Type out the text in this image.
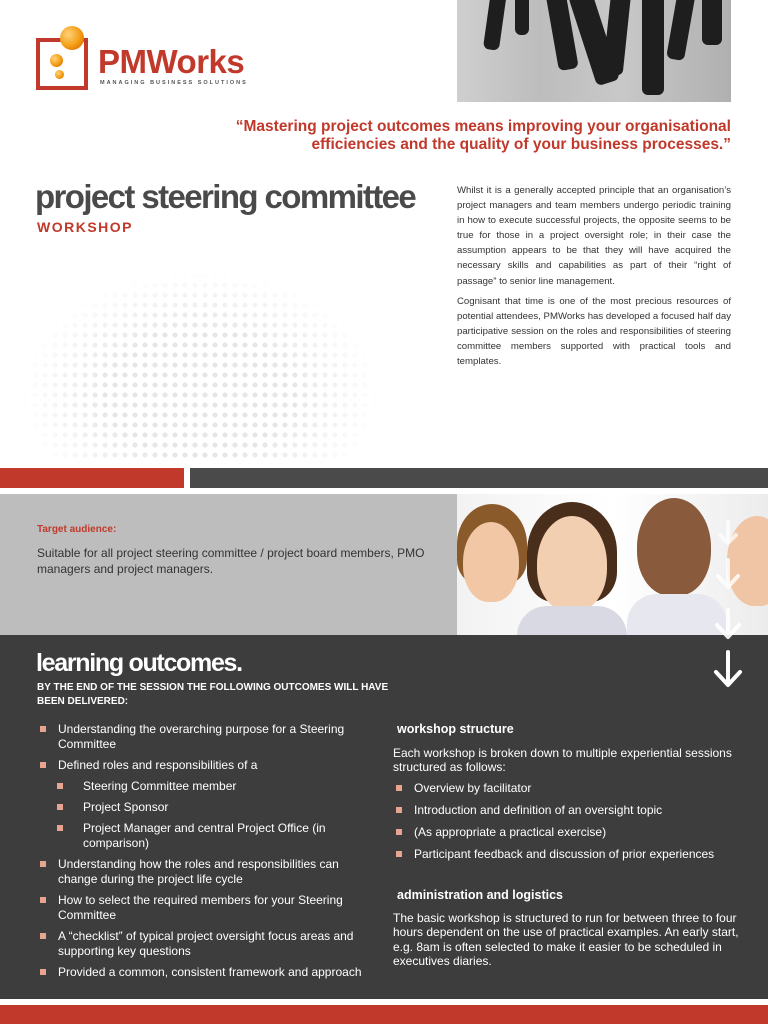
PMWorks
MANAGING BUSINESS SOLUTIONS
“Mastering project outcomes means improving your organisational
efficiencies and the quality of your business processes.”
project steering committee
WORKSHOP

Whilst it is a generally accepted principle that an organisation’s project managers and team members undergo periodic training in how to execute successful projects, the opposite seems to be true for those in a project oversight role; in their case the assumption appears to be that they will have acquired the necessary skills and capabilities as part of their “right of passage” to senior line management.

Cognisant that time is one of the most precious resources of potential attendees, PMWorks has developed a focused half day participative session on the roles and responsibilities of steering committee members supported with practical tools and templates.

Target audience:
Suitable for all project steering committee / project board members, PMO managers and project managers.
learning outcomes.
BY THE END OF THE SESSION THE FOLLOWING OUTCOMES WILL HAVE BEEN DELIVERED:
Understanding the overarching purpose for a Steering Committee
Defined roles and responsibilities of a
Steering Committee member
Project Sponsor
Project Manager and central Project Office (in comparison)
Understanding how the roles and responsibilities can change during the project life cycle
How to select the required members for your Steering Committee
A “checklist” of typical project oversight focus areas and supporting key questions
Provided a common, consistent framework and approach
workshop structure
Each workshop is broken down to multiple experiential sessions structured as follows:
Overview by facilitator
Introduction and definition of an oversight topic
(As appropriate a practical exercise)
Participant feedback and discussion of prior experiences
administration and logistics
The basic workshop is structured to run for between three to four hours dependent on the use of practical examples. An early start, e.g. 8am is often selected to make it easier to be scheduled in executives diaries.
